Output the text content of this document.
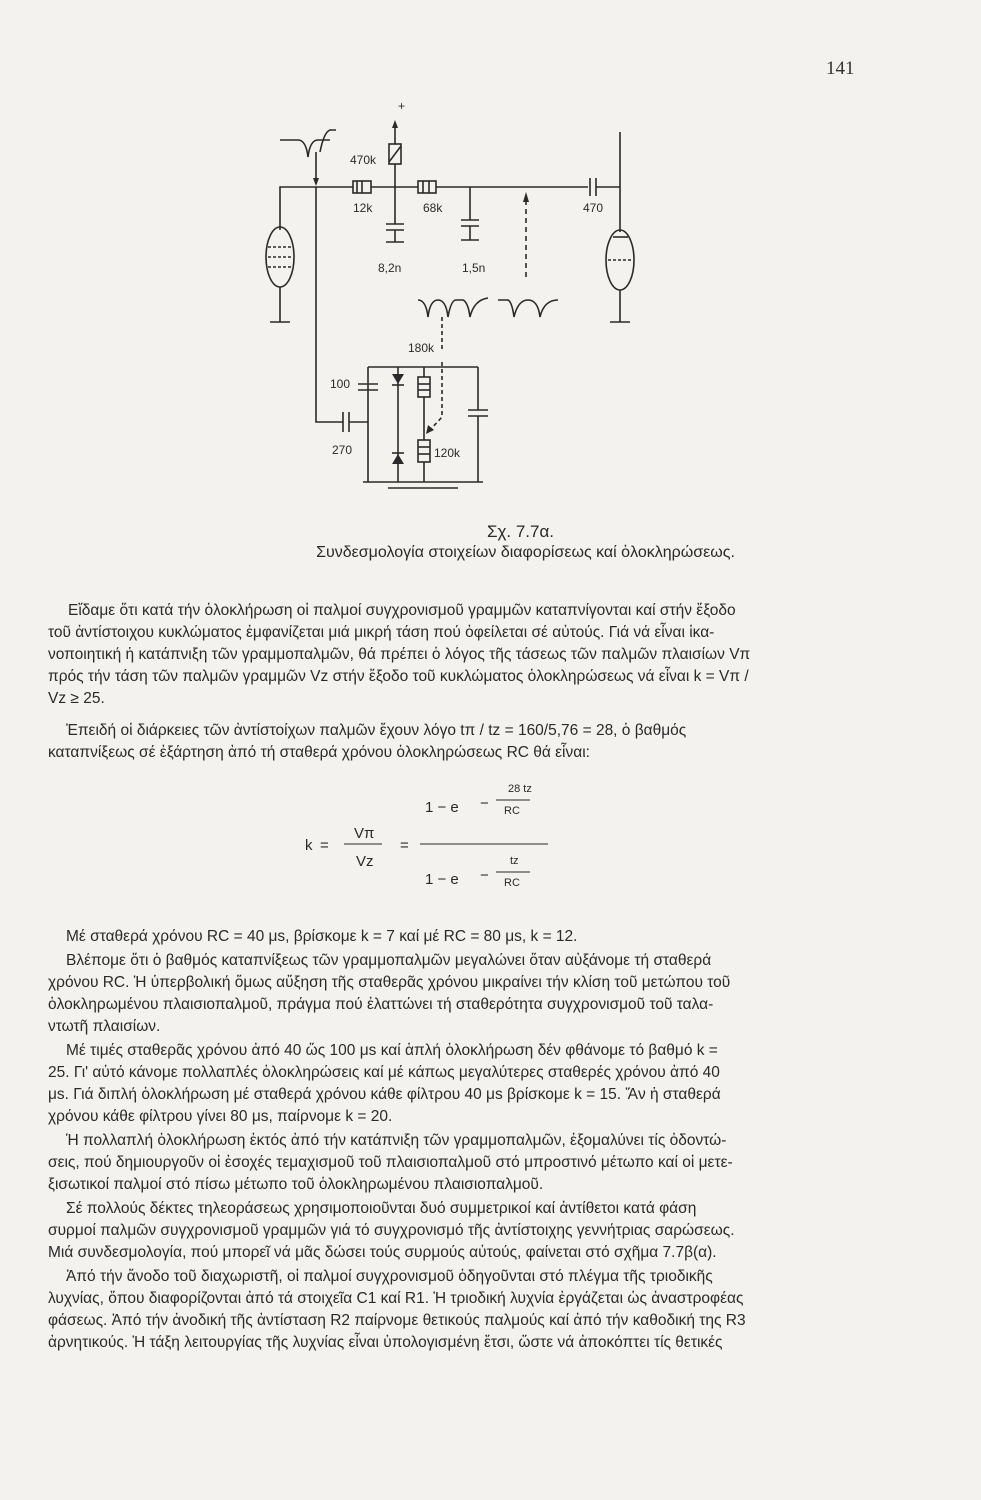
141
+
470k
12k	68k	470
8,2n	1,5n
180k
100
270	120k
Σχ. 7.7α.
Συνδεσμολογία στοιχείων διαφορίσεως καί ὁλοκληρώσεως.

Εἴδαμε ὅτι κατά τήν ὁλοκλήρωση οἱ παλμοί συγχρονισμοῦ γραμμῶν καταπνίγονται καί στήν ἔξοδο

τοῦ ἀντίστοιχου κυκλώματος ἐμφανίζεται μιά μικρή τάση πού ὀφείλεται σέ αὐτούς. Γιά νά εἶναι ἱκα-

νοποιητική ἡ κατάπνιξη τῶν γραμμοπαλμῶν, θά πρέπει ὁ λόγος τῆς τάσεως τῶν παλμῶν πλαισίων Vπ

πρός τήν τάση τῶν παλμῶν γραμμῶν Vz στήν ἔξοδο τοῦ κυκλώματος ὁλοκληρώσεως νά εἶναι k = Vπ /

Vz ≥ 25.

Ἐπειδή οἱ διάρκειες τῶν ἀντίστοίχων παλμῶν ἔχουν λόγο tπ / tz = 160/5,76 = 28, ὁ βαθμός

καταπνίξεως σέ ἐξάρτηση ἀπό τή σταθερά χρόνου ὁλοκληρώσεως RC θά εἶναι:

k =
Vπ
Vz
=
1 − e −
28 tz
RC
1 − e −
tz
RC

Μέ σταθερά χρόνου RC = 40 μs, βρίσκομε k = 7 καί μέ RC = 80 μs, k = 12.

Βλέπομε ὅτι ὁ βαθμός καταπνίξεως τῶν γραμμοπαλμῶν μεγαλώνει ὅταν αὐξάνομε τή σταθερά

χρόνου RC. Ἡ ὑπερβολική ὅμως αὔξηση τῆς σταθερᾶς χρόνου μικραίνει τήν κλίση τοῦ μετώπου τοῦ

ὁλοκληρωμένου πλαισιοπαλμοῦ, πράγμα πού ἐλαττώνει τή σταθερότητα συγχρονισμοῦ τοῦ ταλα-

ντωτῆ πλαισίων.

Μέ τιμές σταθερᾶς χρόνου ἀπό 40 ὥς 100 μs καί ἁπλή ὁλοκλήρωση δέν φθάνομε τό βαθμό k =

25. Γι' αὐτό κάνομε πολλαπλές ὁλοκληρώσεις καί μέ κάπως μεγαλύτερες σταθερές χρόνου ἀπό 40

μs. Γιά διπλή ὁλοκλήρωση μέ σταθερά χρόνου κάθε φίλτρου 40 μs βρίσκομε k = 15. Ἄν ἡ σταθερά

χρόνου κάθε φίλτρου γίνει 80 μs, παίρνομε k = 20.

Ἡ πολλαπλή ὁλοκλήρωση ἐκτός ἀπό τήν κατάπνιξη τῶν γραμμοπαλμῶν, ἐξομαλύνει τίς ὀδοντώ-

σεις, πού δημιουργοῦν οἱ ἐσοχές τεμαχισμοῦ τοῦ πλαισιοπαλμοῦ στό μπροστινό μέτωπο καί οἱ μετε-

ξισωτικοί παλμοί στό πίσω μέτωπο τοῦ ὁλοκληρωμένου πλαισιοπαλμοῦ.

Σέ πολλούς δέκτες τηλεοράσεως χρησιμοποιοῦνται δυό συμμετρικοί καί ἀντίθετοι κατά φάση

συρμοί παλμῶν συγχρονισμοῦ γραμμῶν γιά τό συγχρονισμό τῆς ἀντίστοιχης γεννήτριας σαρώσεως.

Μιά συνδεσμολογία, πού μπορεῖ νά μᾶς δώσει τούς συρμούς αὐτούς, φαίνεται στό σχῆμα 7.7β(α).

Ἀπό τήν ἄνοδο τοῦ διαχωριστῆ, οἱ παλμοί συγχρονισμοῦ ὁδηγοῦνται στό πλέγμα τῆς τριοδικῆς

λυχνίας, ὅπου διαφορίζονται ἀπό τά στοιχεῖα C1 καί R1. Ἡ τριοδική λυχνία ἐργάζεται ὡς ἀναστροφέας

φάσεως. Ἀπό τήν ἀνοδική τῆς ἀντίσταση R2 παίρνομε θετικούς παλμούς καί ἀπό τήν καθοδική της R3

ἀρνητικούς. Ἡ τάξη λειτουργίας τῆς λυχνίας εἶναι ὑπολογισμένη ἔτσι, ὥστε νά ἀποκόπτει τίς θετικές
